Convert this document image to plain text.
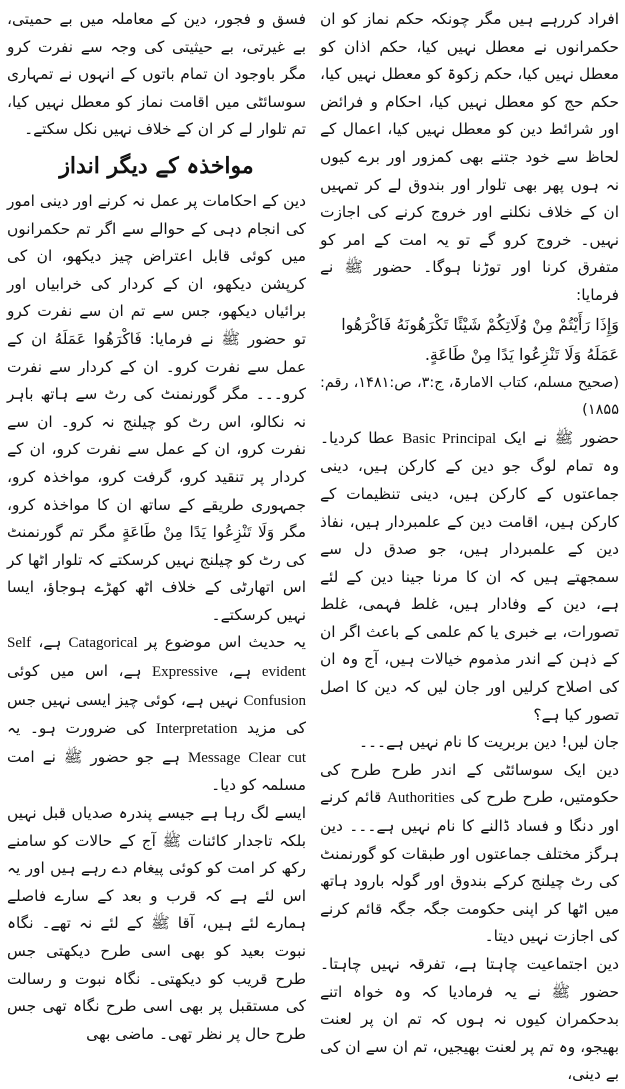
افراد کررہے ہیں مگر چونکہ حکم نماز کو ان حکمرانوں نے معطل نہیں کیا، حکم اذان کو معطل نہیں کیا، حکم زکوۃ کو معطل نہیں کیا، حکم حج کو معطل نہیں کیا، احکام و فرائض اور شرائط دین کو معطل نہیں کیا، اعمال کے لحاظ سے خود جتنے بھی کمزور اور برے کیوں نہ ہوں پھر بھی تلوار اور بندوق لے کر تمہیں ان کے خلاف نکلنے اور خروج کرنے کی اجازت نہیں۔ خروج کرو گے تو یہ امت کے امر کو متفرق کرنا اور توڑنا ہوگا۔ حضور ﷺ نے فرمایا:

وَإِذَا رَأَيْتُمْ مِنْ وُلَاتِكُمْ شَيْئًا تَكْرَهُونَهُ فَاكْرَهُوا عَمَلَهُ وَلَا تَنْزِعُوا يَدًا مِنْ طَاعَةٍ.

(صحیح مسلم، کتاب الامارۃ، ج:۳، ص:۱۴۸۱، رقم: ۱۸۵۵)

حضور ﷺ نے ایک Basic Principal عطا کردیا۔ وہ تمام لوگ جو دین کے کارکن ہیں، دینی جماعتوں کے کارکن ہیں، دینی تنظیمات کے کارکن ہیں، اقامت دین کے علمبردار ہیں، نفاذ دین کے علمبردار ہیں، جو صدق دل سے سمجھتے ہیں کہ ان کا مرنا جینا دین کے لئے ہے، دین کے وفادار ہیں، غلط فہمی، غلط تصورات، بے خبری یا کم علمی کے باعث اگر ان کے ذہن کے اندر مذموم خیالات ہیں، آج وہ ان کی اصلاح کرلیں اور جان لیں کہ دین کا اصل تصور کیا ہے؟

جان لیں! دین بربریت کا نام نہیں ہے۔۔۔

دین ایک سوسائٹی کے اندر طرح طرح کی حکومتیں، طرح طرح کی Authorities قائم کرنے اور دنگا و فساد ڈالنے کا نام نہیں ہے۔۔۔ دین ہرگز مختلف جماعتوں اور طبقات کو گورنمنٹ کی رٹ چیلنج کرکے بندوق اور گولہ بارود ہاتھ میں اٹھا کر اپنی حکومت جگہ جگہ قائم کرنے کی اجازت نہیں دیتا۔

دین اجتماعیت چاہتا ہے، تفرقہ نہیں چاہتا۔ حضور ﷺ نے یہ فرمادیا کہ وہ خواہ اتنے بدحکمران کیوں نہ ہوں کہ تم ان پر لعنت بھیجو، وہ تم پر لعنت بھیجیں، تم ان سے ان کی بے دینی،

فسق و فجور، دین کے معاملہ میں بے حمیتی، بے غیرتی، بے حیثیتی کی وجہ سے نفرت کرو مگر باوجود ان تمام باتوں کے انہوں نے تمہاری سوسائٹی میں اقامت نماز کو معطل نہیں کیا، تم تلوار لے کر ان کے خلاف نہیں نکل سکتے۔

مواخذہ کے دیگر انداز

دین کے احکامات پر عمل نہ کرنے اور دینی امور کی انجام دہی کے حوالے سے اگر تم حکمرانوں میں کوئی قابل اعتراض چیز دیکھو، ان کی کرپشن دیکھو، ان کے کردار کی خرابیاں اور برائیاں دیکھو، جس سے تم ان سے نفرت کرو تو حضور ﷺ نے فرمایا: فَاكْرَهُوا عَمَلَهُ ان کے عمل سے نفرت کرو۔ ان کے کردار سے نفرت کرو۔۔۔ مگر گورنمنٹ کی رٹ سے ہاتھ باہر نہ نکالو، اس رٹ کو چیلنج نہ کرو۔ ان سے نفرت کرو، ان کے عمل سے نفرت کرو، ان کے کردار پر تنقید کرو، گرفت کرو، مواخذہ کرو، جمہوری طریقے کے ساتھ ان کا مواخذہ کرو، مگر وَلَا تَنْزِعُوا يَدًا مِنْ طَاعَةٍ مگر تم گورنمنٹ کی رٹ کو چیلنج نہیں کرسکتے کہ تلوار اٹھا کر اس اتھارٹی کے خلاف اٹھ کھڑے ہوجاؤ، ایسا نہیں کرسکتے۔

یہ حدیث اس موضوع پر Catagorical ہے، Self evident ہے، Expressive ہے، اس میں کوئی Confusion نہیں ہے، کوئی چیز ایسی نہیں جس کی مزید Interpretation کی ضرورت ہو۔ یہ Clear cut Message ہے جو حضور ﷺ نے امت مسلمہ کو دیا۔

ایسے لگ رہا ہے جیسے پندرہ صدیاں قبل نہیں بلکہ تاجدار کائنات ﷺ آج کے حالات کو سامنے رکھ کر امت کو کوئی پیغام دے رہے ہیں اور یہ اس لئے ہے کہ قرب و بعد کے سارے فاصلے ہمارے لئے ہیں، آقا ﷺ کے لئے نہ تھے۔ نگاہ نبوت بعید کو بھی اسی طرح دیکھتی جس طرح قریب کو دیکھتی۔ نگاہ نبوت و رسالت کی مستقبل پر بھی اسی طرح نگاہ تھی جس طرح حال پر نظر تھی۔ ماضی بھی
